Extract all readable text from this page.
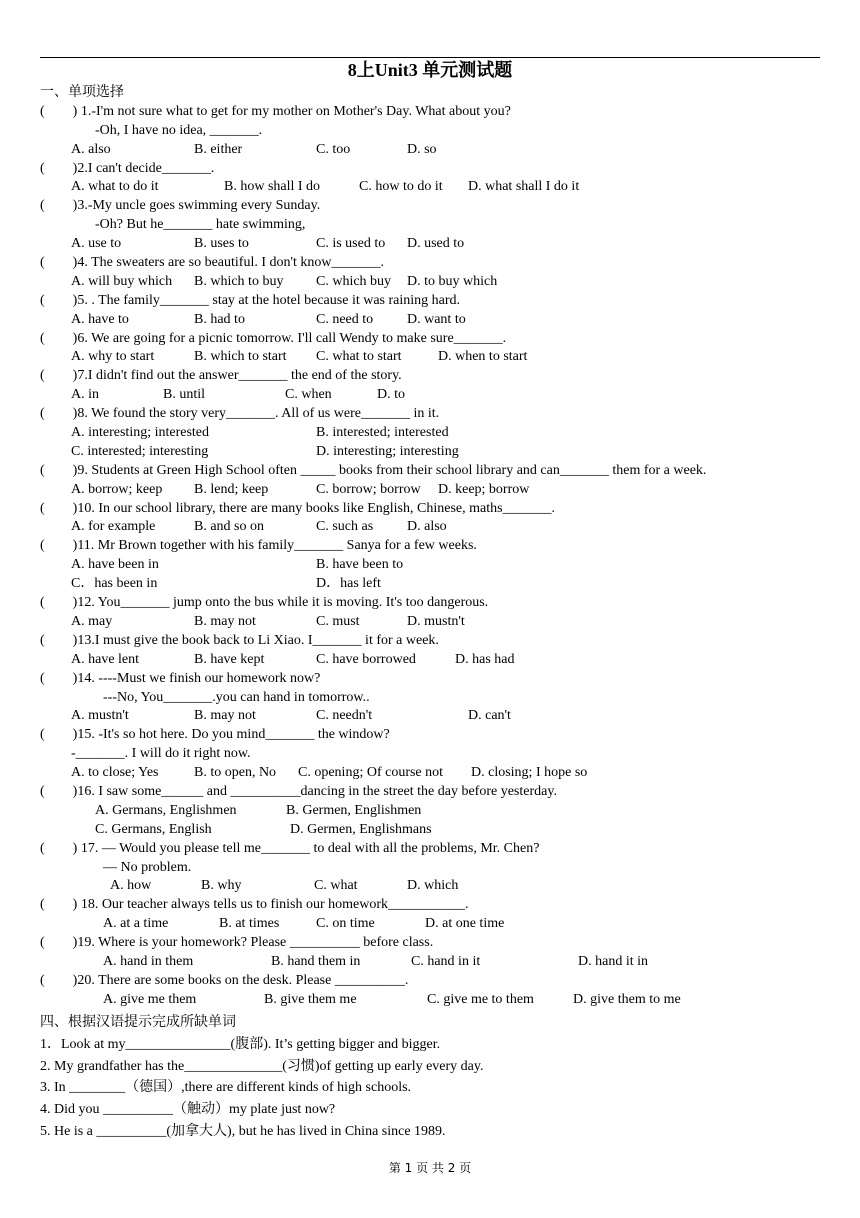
8上Unit3 单元测试题
一、单项选择
(        ) 1.-I'm not sure what to get for my mother on Mother's Day. What about you?
-Oh, I have no idea, _______.
A. also	B. either	C. too	D. so
(        )2.I can't decide_______.
A. what to do it	B. how shall I do	C. how to do it D. what shall I do it
(        )3.-My uncle goes swimming every Sunday.
-Oh? But he_______ hate swimming,
A. use to	B. uses to	C. is used to D. used to
(        )4. The sweaters are so beautiful. I don't know_______.
A. will buy which B. which to buy C. which buy D. to buy which
(        )5. . The family_______ stay at the hotel because it was raining hard.
A. have to	B. had to	C. need to D. want to
(        )6. We are going for a picnic tomorrow. I'll call Wendy to make sure_______.
A. why to start	B. which to start C. what to start	D. when to start
(        )7.I didn't find out the answer_______ the end of the story.
A. in	B. until	C. when	D. to
(        )8. We found the story very_______. All of us were_______ in it.
A. interesting; interested	B. interested; interested
C. interested; interesting	D. interesting; interesting
(        )9. Students at Green High School often _____ books from their school library and can_______ them for a week.
A. borrow; keep B. lend; keep	C. borrow; borrow D. keep; borrow
(        )10. In our school library, there are many books like English, Chinese, maths_______.
A. for example	B. and so on	C. such as D. also
(        )11. Mr Brown together with his family_______ Sanya for a few weeks.
A. have been in	B. have been to
C．has been in	D．has left
(        )12. You_______ jump onto the bus while it is moving. It's too dangerous.
A. may	B. may not	C. must	D. mustn't
(        )13.I must give the book back to Li Xiao. I_______ it for a week.
A. have lent	B. have kept	C. have borrowed	D. has had
(        )14. ----Must we finish our homework now?
---No, You_______.you can hand in tomorrow..
A. mustn't	B. may not	C. needn't	D. can't
(        )15. -It's so hot here. Do you mind_______ the window?
-_______. I will do it right now.
A. to close; Yes	B. to open, No C. opening; Of course not D. closing; I hope so
(        )16. I saw some______ and __________dancing in the street the day before yesterday.
A. Germans, Englishmen	B. Germen, Englishmen
C. Germans, English	D. Germen, Englishmans
(        ) 17. — Would you please tell me_______ to deal with all the problems, Mr. Chen?
— No problem.
A. how	B. why	C. what	D. which
(        ) 18. Our teacher always tells us to finish our homework___________.
A. at a time	B. at times	C. on time	D. at one time
(        )19. Where is your homework? Please __________ before class.
A. hand in them	B. hand them in	C. hand in it	D. hand it in
(        )20. There are some books on the desk. Please __________.
A. give me them	B. give them me	C. give me to them	D. give them to me
四、根据汉语提示完成所缺单词
1．Look at my_______________(腹部). It’s getting bigger and bigger.
2. My grandfather has the______________(习惯)of getting up early every day.
3. In ________（德国）,there are different kinds of high schools.
4. Did you __________（触动）my plate just now?
5. He is a __________(加拿大人), but he has lived in China since 1989.
第 1 页 共 2 页
